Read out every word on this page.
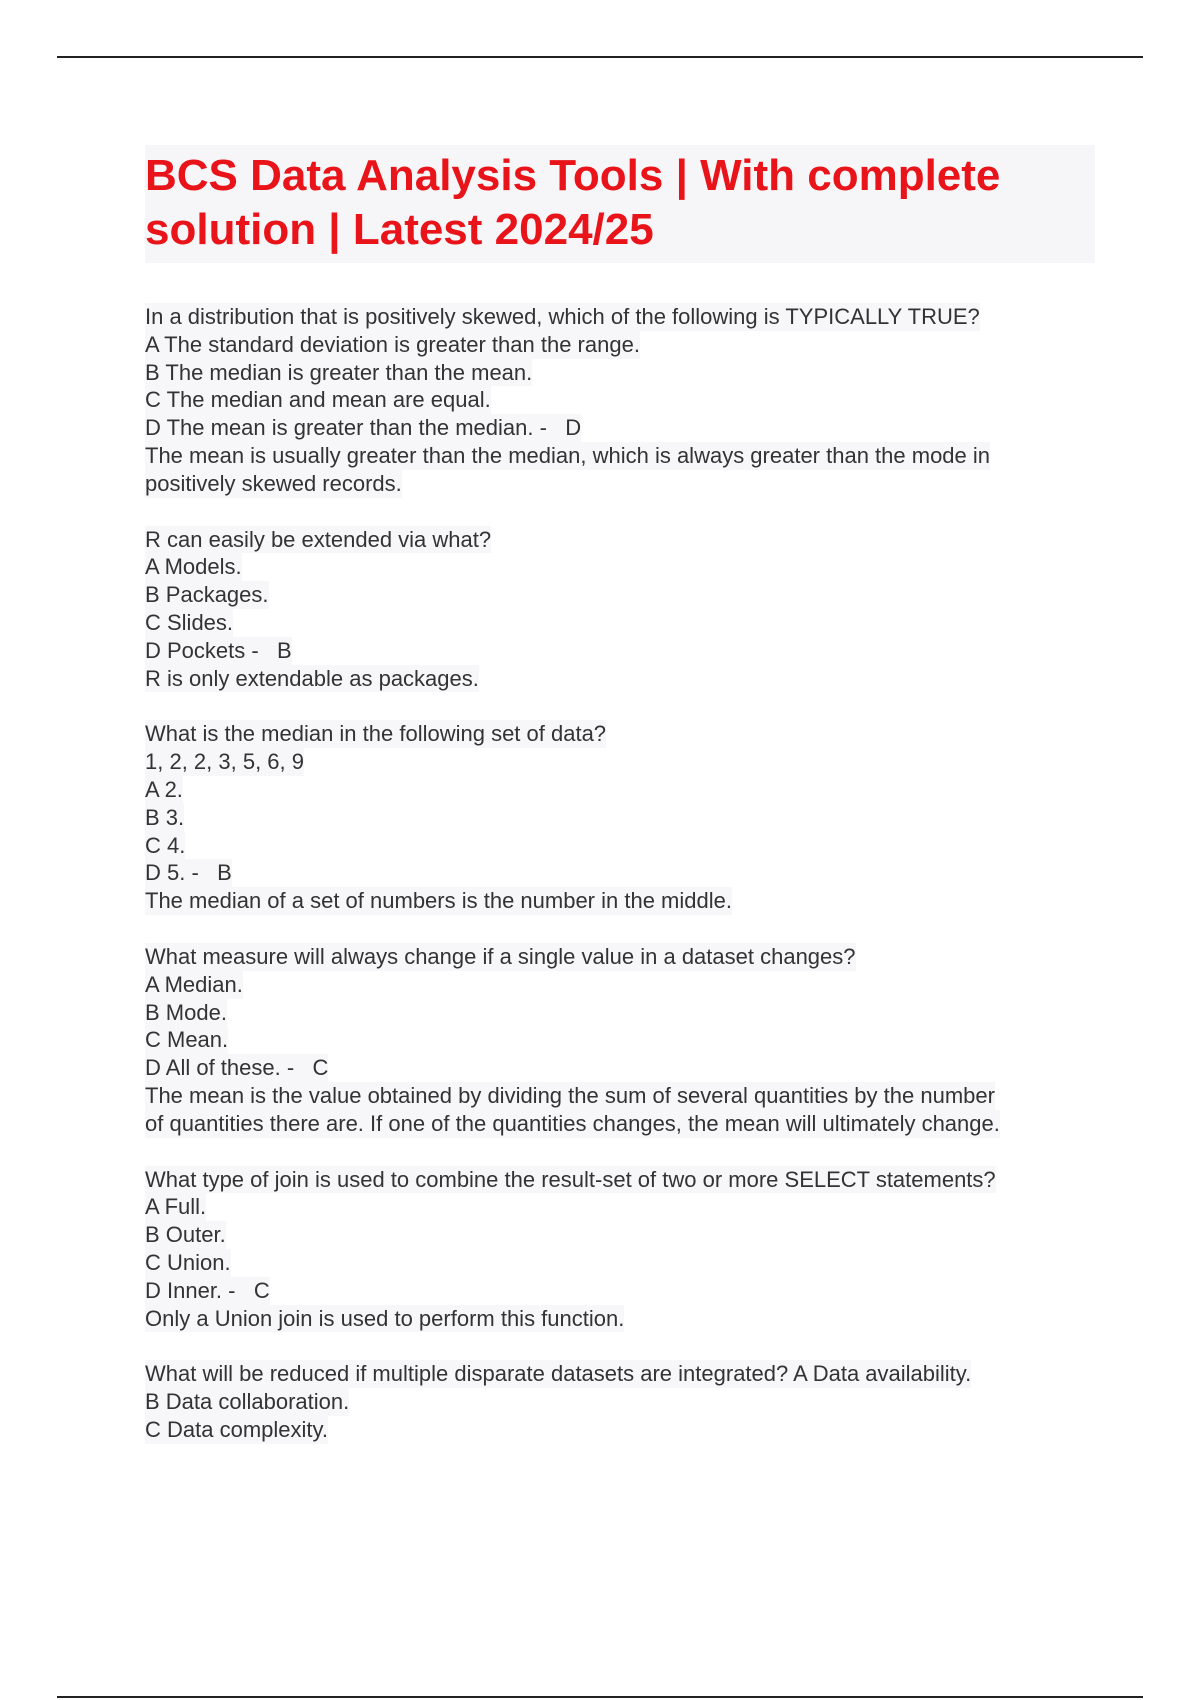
BCS Data Analysis Tools | With complete solution | Latest 2024/25
In a distribution that is positively skewed, which of the following is TYPICALLY TRUE?
A The standard deviation is greater than the range.
B The median is greater than the mean.
C The median and mean are equal.
D The mean is greater than the median. -   D
The mean is usually greater than the median, which is always greater than the mode in
positively skewed records.
R can easily be extended via what?
A Models.
B Packages.
C Slides.
D Pockets -   B
R is only extendable as packages.
What is the median in the following set of data?
1, 2, 2, 3, 5, 6, 9
A 2.
B 3.
C 4.
D 5. -   B
The median of a set of numbers is the number in the middle.
What measure will always change if a single value in a dataset changes?
A Median.
B Mode.
C Mean.
D All of these. -   C
The mean is the value obtained by dividing the sum of several quantities by the number
of quantities there are. If one of the quantities changes, the mean will ultimately change.
What type of join is used to combine the result-set of two or more SELECT statements?
A Full.
B Outer.
C Union.
D Inner. -   C
Only a Union join is used to perform this function.
What will be reduced if multiple disparate datasets are integrated? A Data availability.
B Data collaboration.
C Data complexity.
